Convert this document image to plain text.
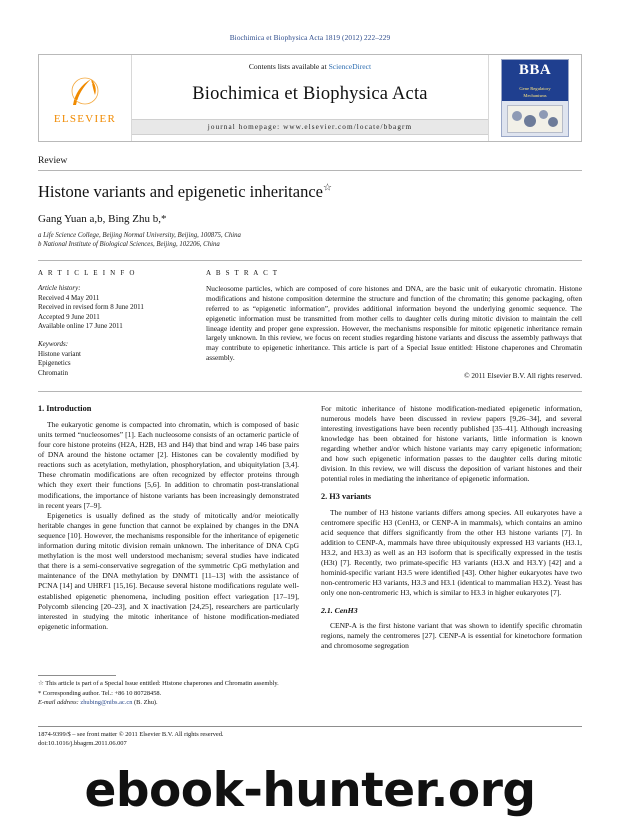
Biochimica et Biophysica Acta 1819 (2012) 222–229
ELSEVIER
Contents lists available at ScienceDirect
Biochimica et Biophysica Acta
journal homepage: www.elsevier.com/locate/bbagrm
BBA
Gene Regulatory
Mechanisms
Review
Histone variants and epigenetic inheritance☆
Gang Yuan a,b, Bing Zhu b,*
a Life Science College, Beijing Normal University, Beijing, 100875, China
b National Institute of Biological Sciences, Beijing, 102206, China
A R T I C L E I N F O
Article history:
Received 4 May 2011
Received in revised form 8 June 2011
Accepted 9 June 2011
Available online 17 June 2011
Keywords:
Histone variant
Epigenetics
Chromatin
A B S T R A C T
Nucleosome particles, which are composed of core histones and DNA, are the basic unit of eukaryotic chromatin. Histone modifications and histone composition determine the structure and function of the chromatin; this genome packaging, often referred to as “epigenetic information”, provides additional information beyond the underlying genomic sequence. The epigenetic information must be transmitted from mother cells to daughter cells during mitotic division to maintain the cell lineage identity and proper gene expression. However, the mechanisms responsible for mitotic epigenetic inheritance remain largely unknown. In this review, we focus on recent studies regarding histone variants and discuss the assembly pathways that may contribute to epigenetic inheritance. This article is part of a Special Issue entitled: Histone chaperones and Chromatin assembly.
© 2011 Elsevier B.V. All rights reserved.
1. Introduction

The eukaryotic genome is compacted into chromatin, which is composed of basic units termed “nucleosomes” [1]. Each nucleosome consists of an octameric particle of four core histone proteins (H2A, H2B, H3 and H4) that bind and wrap 146 base pairs of DNA around the histone octamer [2]. Histones can be covalently modified by reactions such as acetylation, methylation, phosphorylation, and ubiquitylation [3,4]. These chromatin modifications are often recognized by effector proteins through which they exert their functions [5,6]. In addition to chromatin post-translational modifications, the importance of histone variants has been increasingly demonstrated in recent years [7–9].

Epigenetics is usually defined as the study of mitotically and/or meiotically heritable changes in gene function that cannot be explained by changes in the DNA sequence [10]. However, the mechanisms responsible for the inheritance of epigenetic information during mitotic division remain unknown. The inheritance of DNA CpG methylation is the most well understood mechanism; several studies have indicated that there is a semi-conservative segregation of the symmetric CpG methylation and maintenance of the DNA methylation by DNMT1 [11–13] with the assistance of PCNA [14] and UHRF1 [15,16]. Because several histone modifications regulate well-established epigenetic phenomena, including position effect variegation [17–19], Polycomb silencing [20–23], and X inactivation [24,25], researchers are particularly interested in studying the mitotic inheritance of histone modification-mediated epigenetic information.

For mitotic inheritance of histone modification-mediated epigenetic information, numerous models have been discussed in review papers [9,26–34], and several interesting investigations have been recently published [35–41]. Although increasing knowledge has been obtained for histone variants, little information is known regarding whether and/or which histone variants may carry epigenetic information; and how such epigenetic information passes to the daughter cells during mitotic division. In this review, we will discuss the deposition of variant histones and their potential roles in mediating the inheritance of epigenetic information.

2. H3 variants

The number of H3 histone variants differs among species. All eukaryotes have a centromere specific H3 (CenH3, or CENP-A in mammals), which contains an amino acid sequence that differs significantly from the other H3 histone variants [7]. In addition to CENP-A, mammals have three ubiquitously expressed H3 variants (H3.1, H3.2, and H3.3) as well as an H3 isoform that is specifically expressed in the testis (H3t) [7]. Recently, two primate-specific H3 variants (H3.X and H3.Y) [42] and a hominid-specific variant H3.5 were identified [43]. Other higher eukaryotes have two non-centromeric H3 variants, H3.3 and H3.1 (identical to mammalian H3.2). Yeast has only one non-centromeric H3, which is similar to H3.3 in higher eukaryotes [7].

2.1. CenH3

CENP-A is the first histone variant that was shown to identify specific chromatin regions, namely the centromeres [27]. CENP-A is essential for kinetochore formation and chromosome segregation

☆ This article is part of a Special Issue entitled: Histone chaperones and Chromatin assembly.
* Corresponding author. Tel.: +86 10 80728458.
E-mail address: zhubing@nibs.ac.cn (B. Zhu).
1874-9399/$ – see front matter © 2011 Elsevier B.V. All rights reserved.
doi:10.1016/j.bbagrm.2011.06.007
ebook-hunter.org
